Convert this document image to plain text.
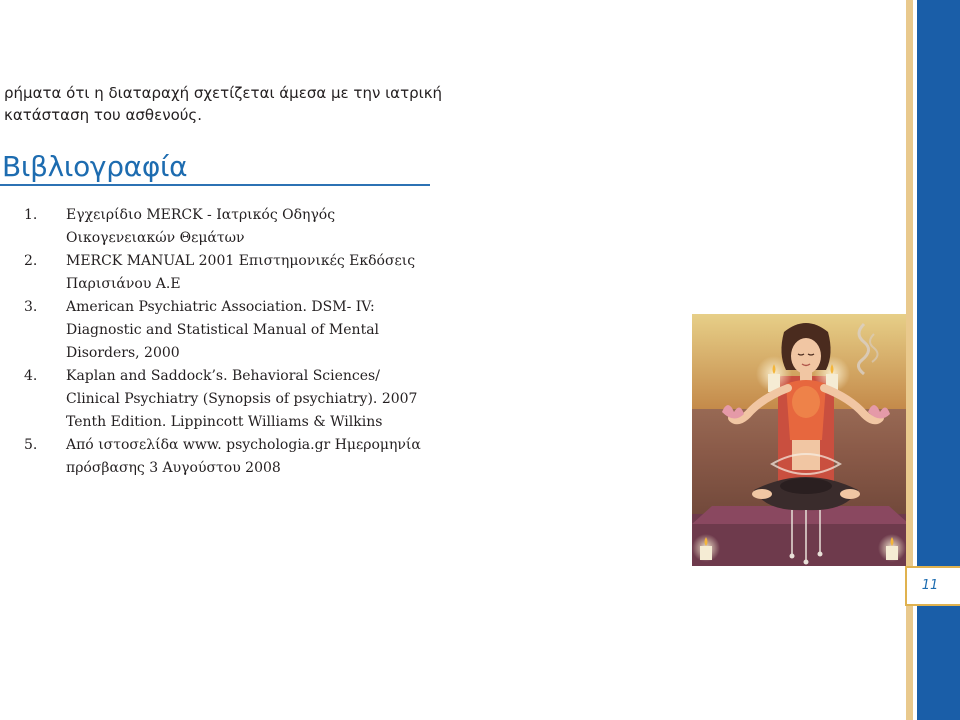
ρήματα ότι η διαταραχή σχετίζεται άμεσα με την ιατρική κατάσταση του ασθενούς.

Βιβλιογραφία
1. Εγχειρίδιο MERCK - Ιατρικός Οδηγός Οικογενειακών Θεμάτων
2. MERCK MANUAL 2001 Επιστημονικές Εκδόσεις Παρισιάνου Α.Ε
3. American Psychiatric Association. DSM- IV: Diagnostic and Statistical Manual of Mental Disorders, 2000
4. Kaplan and Saddock’s. Behavioral Sciences/ Clinical Psychiatry (Synopsis of psychiatry). 2007 Tenth Edition. Lippincott Williams & Wilkins
5. Από ιστοσελίδα www. psychologia.gr Ημερομηνία πρόσβασης 3 Αυγούστου 2008
11
